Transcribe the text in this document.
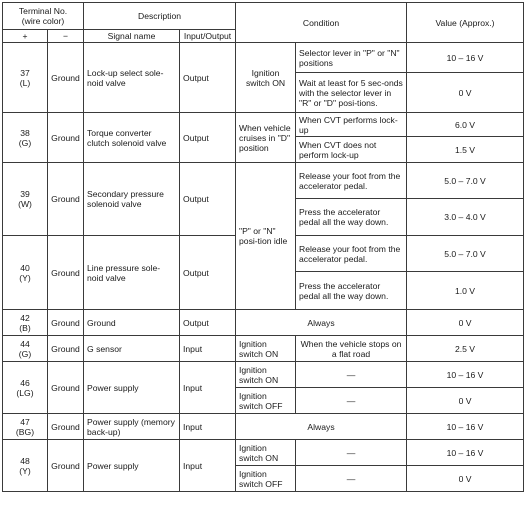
Terminal No.
(wire color)		Description		Condition		Value (Approx.)
+	−	Signal name	Input/Output			

37
(L)	Ground	Lock-up select sole-noid valve	Output	Ignition switch ON	Selector lever in "P" or "N" positions	10 – 16 V
					Wait at least for 5 sec-onds with the selector lever in "R" or "D" posi-tions.	0 V

38
(G)	Ground	Torque converter clutch solenoid valve	Output	When vehicle cruises in "D" position	When CVT performs lock-up	6.0 V
					When CVT does not perform lock-up	1.5 V

39
(W)	Ground	Secondary pressure solenoid valve	Output	"P" or "N" posi-tion idle	Release your foot from the accelerator pedal.	5.0 – 7.0 V
					Press the accelerator pedal all the way down.	3.0 – 4.0 V

40
(Y)	Ground	Line pressure sole-noid valve	Output		Release your foot from the accelerator pedal.	5.0 – 7.0 V
					Press the accelerator pedal all the way down.	1.0 V

42
(B)	Ground	Ground	Output	Always		0 V

44
(G)	Ground	G sensor	Input	Ignition switch ON	When the vehicle stops on a flat road	2.5 V

46
(LG)	Ground	Power supply	Input	Ignition switch ON	—	10 – 16 V
				Ignition switch OFF	—	0 V

47
(BG)	Ground	Power supply (memory back-up)	Input	Always		10 – 16 V

48
(Y)	Ground	Power supply	Input	Ignition switch ON	—	10 – 16 V
				Ignition switch OFF	—	0 V
